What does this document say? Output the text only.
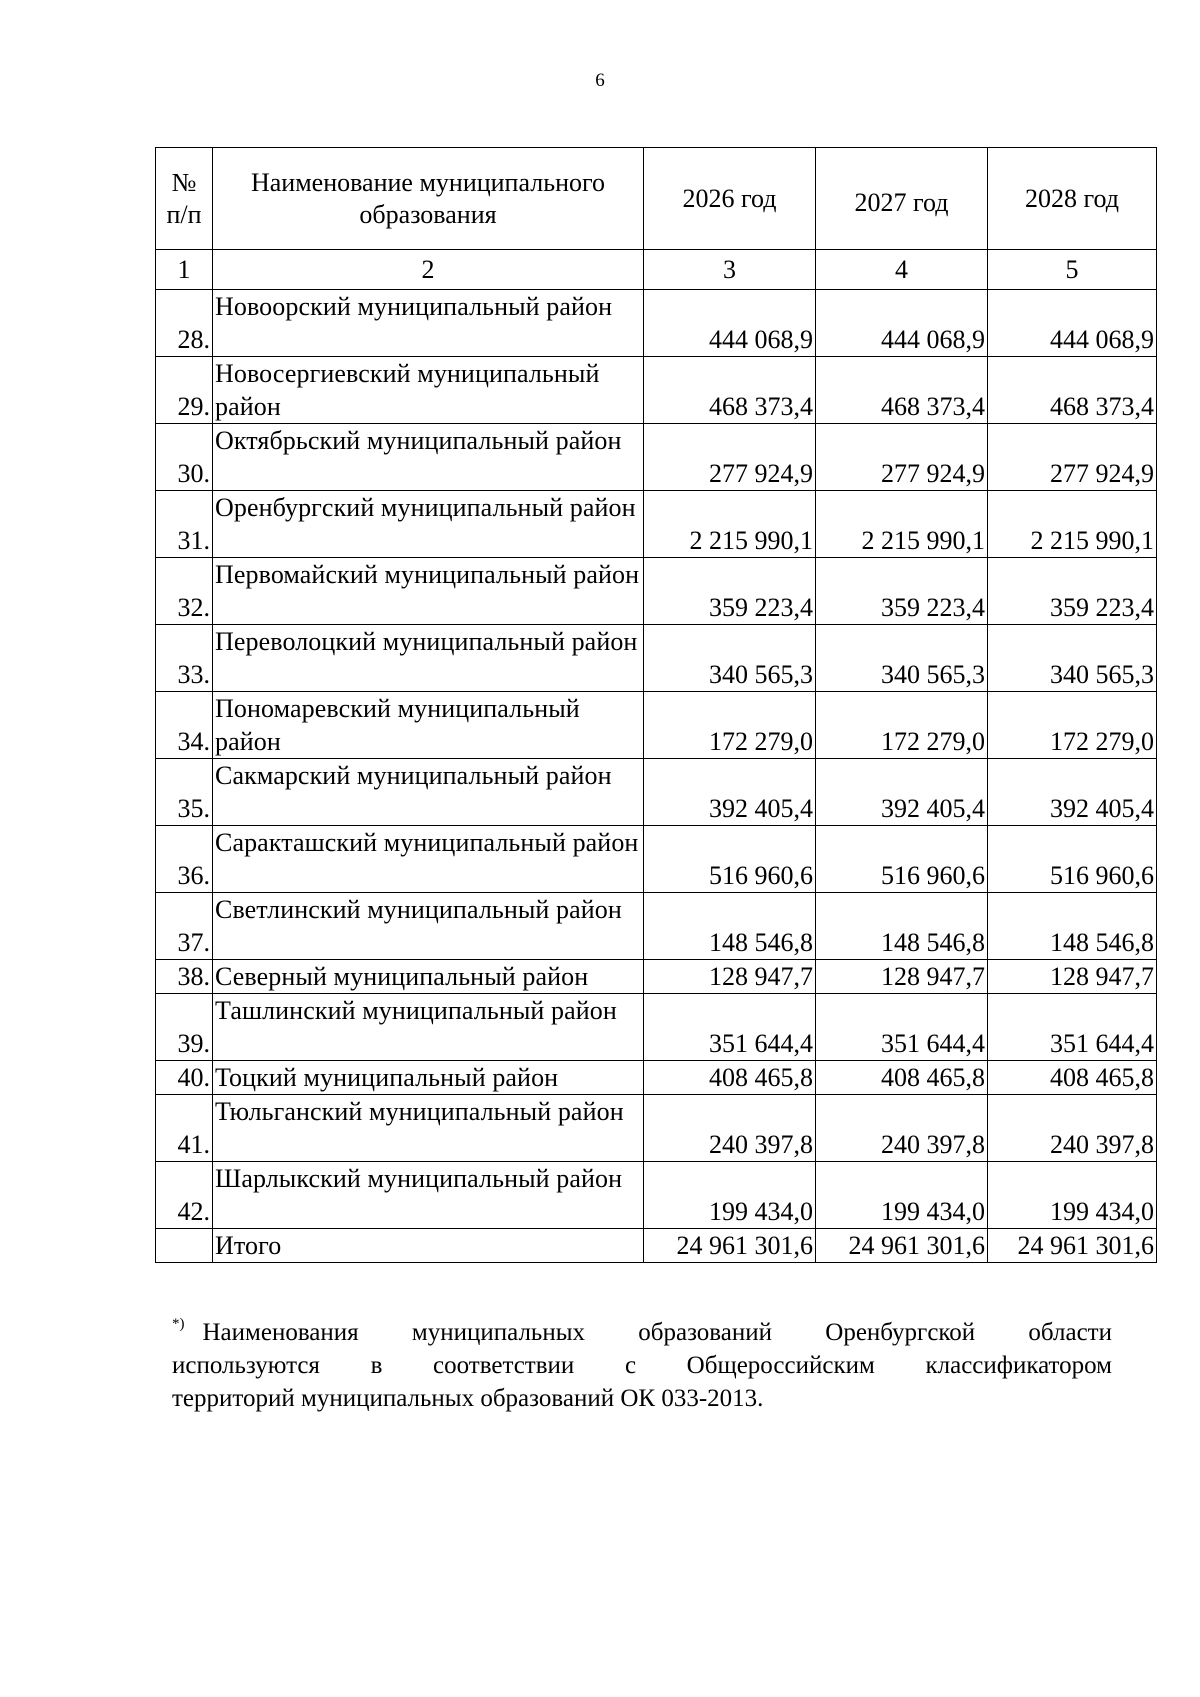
6
№ п/п	Наименование муниципального образования	2026 год	2027 год	2028 год
1	2	3	4	5
28.	Новоорский муниципальный район	444 068,9	444 068,9	444 068,9
29.	Новосергиевский муниципальный район	468 373,4	468 373,4	468 373,4
30.	Октябрьский муниципальный район	277 924,9	277 924,9	277 924,9
31.	Оренбургский муниципальный район	2 215 990,1	2 215 990,1	2 215 990,1
32.	Первомайский муниципальный район	359 223,4	359 223,4	359 223,4
33.	Переволоцкий муниципальный район	340 565,3	340 565,3	340 565,3
34.	Пономаревский муниципальный район	172 279,0	172 279,0	172 279,0
35.	Сакмарский муниципальный район	392 405,4	392 405,4	392 405,4
36.	Саракташский муниципальный район	516 960,6	516 960,6	516 960,6
37.	Светлинский муниципальный район	148 546,8	148 546,8	148 546,8
38.	Северный муниципальный район	128 947,7	128 947,7	128 947,7
39.	Ташлинский муниципальный район	351 644,4	351 644,4	351 644,4
40.	Тоцкий муниципальный район	408 465,8	408 465,8	408 465,8
41.	Тюльганский муниципальный район	240 397,8	240 397,8	240 397,8
42.	Шарлыкский муниципальный район	199 434,0	199 434,0	199 434,0
	Итого	24 961 301,6	24 961 301,6	24 961 301,6
*) Наименования муниципальных образований Оренбургской области
используются в соответствии с Общероссийским классификатором
территорий муниципальных образований ОК 033-2013.
